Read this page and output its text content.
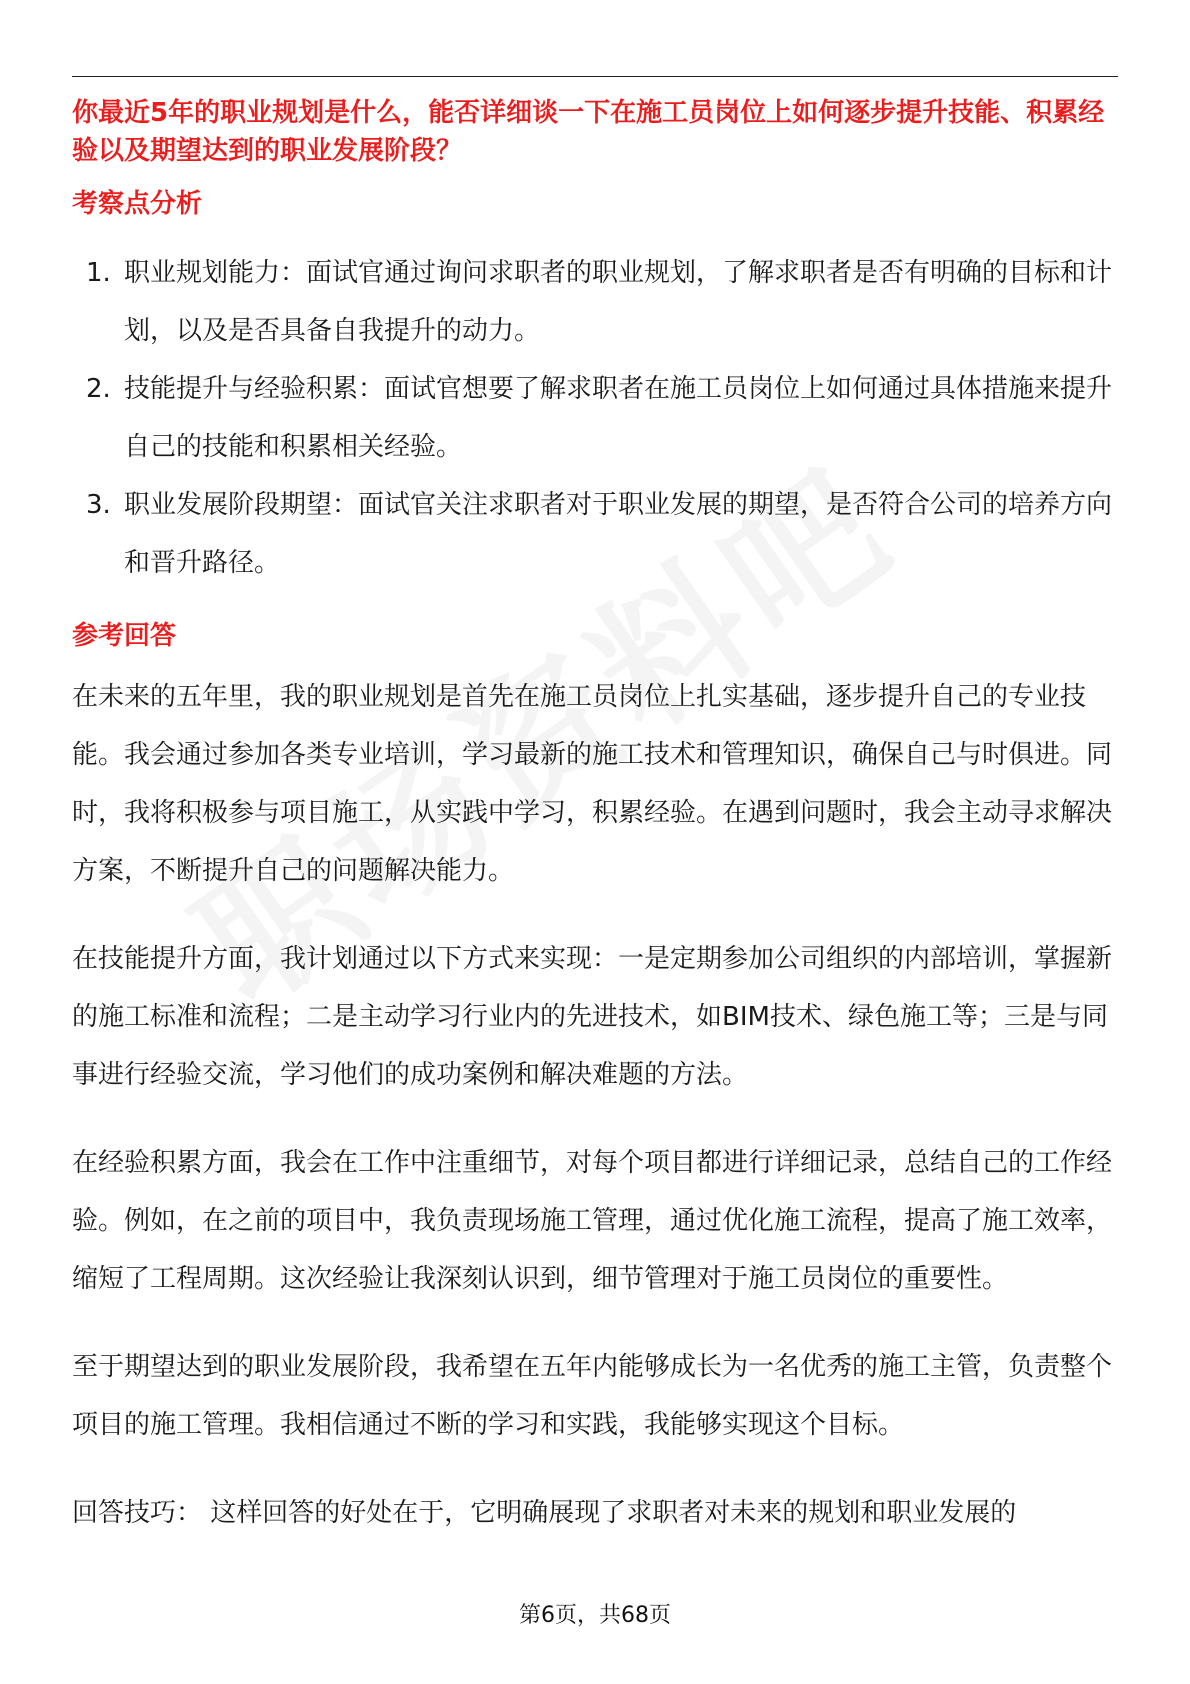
你最近5年的职业规划是什么，能否详细谈一下在施工员岗位上如何逐步提升技能、积累经验以及期望达到的职业发展阶段？

考察点分析

1. 职业规划能力：面试官通过询问求职者的职业规划，了解求职者是否有明确的目标和计划，以及是否具备自我提升的动力。
2. 技能提升与经验积累：面试官想要了解求职者在施工员岗位上如何通过具体措施来提升自己的技能和积累相关经验。
3. 职业发展阶段期望：面试官关注求职者对于职业发展的期望，是否符合公司的培养方向和晋升路径。

参考回答

在未来的五年里，我的职业规划是首先在施工员岗位上扎实基础，逐步提升自己的专业技能。我会通过参加各类专业培训，学习最新的施工技术和管理知识，确保自己与时俱进。同时，我将积极参与项目施工，从实践中学习，积累经验。在遇到问题时，我会主动寻求解决方案，不断提升自己的问题解决能力。

在技能提升方面，我计划通过以下方式来实现：一是定期参加公司组织的内部培训，掌握新的施工标准和流程；二是主动学习行业内的先进技术，如BIM技术、绿色施工等；三是与同事进行经验交流，学习他们的成功案例和解决难题的方法。

在经验积累方面，我会在工作中注重细节，对每个项目都进行详细记录，总结自己的工作经验。例如，在之前的项目中，我负责现场施工管理，通过优化施工流程，提高了施工效率，缩短了工程周期。这次经验让我深刻认识到，细节管理对于施工员岗位的重要性。

至于期望达到的职业发展阶段，我希望在五年内能够成长为一名优秀的施工主管，负责整个项目的施工管理。我相信通过不断的学习和实践，我能够实现这个目标。

回答技巧： 这样回答的好处在于，它明确展现了求职者对未来的规划和职业发展的

第6页，共68页
